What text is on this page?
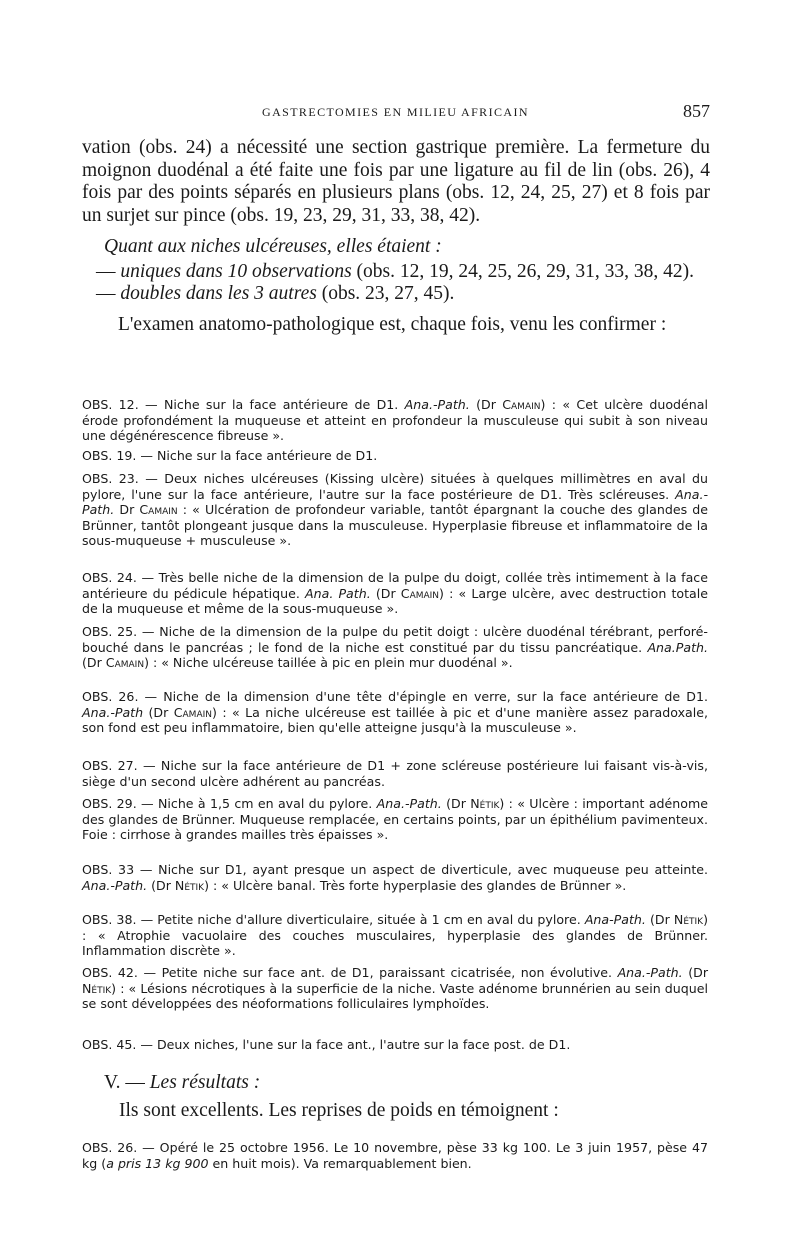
GASTRECTOMIES EN MILIEU AFRICAIN	857

vation (obs. 24) a nécessité une section gastrique première. La fermeture du moignon duodénal a été faite une fois par une ligature au fil de lin (obs. 26), 4 fois par des points séparés en plusieurs plans (obs. 12, 24, 25, 27) et 8 fois par un surjet sur pince (obs. 19, 23, 29, 31, 33, 38, 42).

Quant aux niches ulcéreuses, elles étaient :

— uniques dans 10 observations (obs. 12, 19, 24, 25, 26, 29, 31, 33, 38, 42).

— doubles dans les 3 autres (obs. 23, 27, 45).

L'examen anatomo-pathologique est, chaque fois, venu les confirmer :

OBS. 12. — Niche sur la face antérieure de D1. Ana.-Path. (Dr Camain) : « Cet ulcère duodénal érode profondément la muqueuse et atteint en profondeur la musculeuse qui subit à son niveau une dégénérescence fibreuse ».

OBS. 19. — Niche sur la face antérieure de D1.

OBS. 23. — Deux niches ulcéreuses (Kissing ulcère) situées à quelques millimètres en aval du pylore, l'une sur la face antérieure, l'autre sur la face postérieure de D1. Très scléreuses. Ana.-Path. Dr Camain : « Ulcération de profondeur variable, tantôt épargnant la couche des glandes de Brünner, tantôt plongeant jusque dans la musculeuse. Hyperplasie fibreuse et inflammatoire de la sous-muqueuse + musculeuse ».

OBS. 24. — Très belle niche de la dimension de la pulpe du doigt, collée très intimement à la face antérieure du pédicule hépatique. Ana. Path. (Dr Camain) : « Large ulcère, avec destruction totale de la muqueuse et même de la sous-muqueuse ».

OBS. 25. — Niche de la dimension de la pulpe du petit doigt : ulcère duodénal térébrant, perforé-bouché dans le pancréas ; le fond de la niche est constitué par du tissu pancréatique. Ana.Path. (Dr Camain) : « Niche ulcéreuse taillée à pic en plein mur duodénal ».

OBS. 26. — Niche de la dimension d'une tête d'épingle en verre, sur la face antérieure de D1. Ana.-Path (Dr Camain) : « La niche ulcéreuse est taillée à pic et d'une manière assez paradoxale, son fond est peu inflammatoire, bien qu'elle atteigne jusqu'à la musculeuse ».

OBS. 27. — Niche sur la face antérieure de D1 + zone scléreuse postérieure lui faisant vis-à-vis, siège d'un second ulcère adhérent au pancréas.

OBS. 29. — Niche à 1,5 cm en aval du pylore. Ana.-Path. (Dr Nétik) : « Ulcère : important adénome des glandes de Brünner. Muqueuse remplacée, en certains points, par un épithélium pavimenteux. Foie : cirrhose à grandes mailles très épaisses ».

OBS. 33 — Niche sur D1, ayant presque un aspect de diverticule, avec muqueuse peu atteinte. Ana.-Path. (Dr Nétik) : « Ulcère banal. Très forte hyperplasie des glandes de Brünner ».

OBS. 38. — Petite niche d'allure diverticulaire, située à 1 cm en aval du pylore. Ana-Path. (Dr Nétik) : « Atrophie vacuolaire des couches musculaires, hyperplasie des glandes de Brünner. Inflammation discrète ».

OBS. 42. — Petite niche sur face ant. de D1, paraissant cicatrisée, non évolutive. Ana.-Path. (Dr Nétik) : « Lésions nécrotiques à la superficie de la niche. Vaste adénome brunnérien au sein duquel se sont développées des néoformations folliculaires lymphoïdes.

OBS. 45. — Deux niches, l'une sur la face ant., l'autre sur la face post. de D1.

V. — Les résultats :

Ils sont excellents. Les reprises de poids en témoignent :

OBS. 26. — Opéré le 25 octobre 1956. Le 10 novembre, pèse 33 kg 100. Le 3 juin 1957, pèse 47 kg (a pris 13 kg 900 en huit mois). Va remarquablement bien.
